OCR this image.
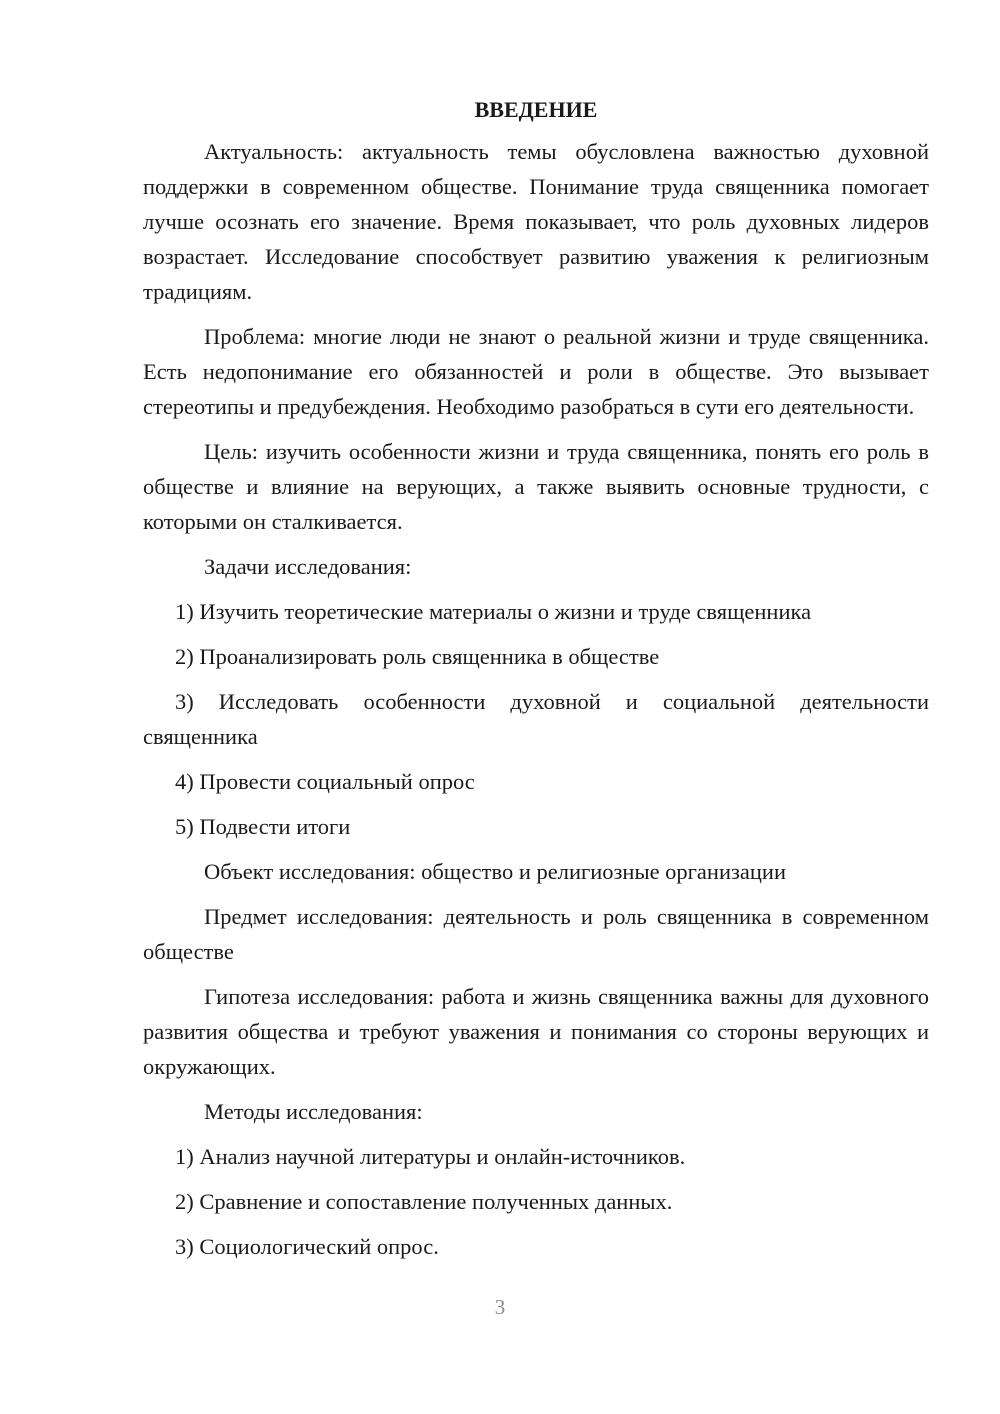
ВВЕДЕНИЕ

Актуальность: актуальность темы обусловлена важностью духовной поддержки в современном обществе. Понимание труда священника помогает лучше осознать его значение. Время показывает, что роль духовных лидеров возрастает. Исследование способствует развитию уважения к религиозным традициям.

Проблема: многие люди не знают о реальной жизни и труде священника. Есть недопонимание его обязанностей и роли в обществе. Это вызывает стереотипы и предубеждения. Необходимо разобраться в сути его деятельности.

Цель: изучить особенности жизни и труда священника, понять его роль в обществе и влияние на верующих, а также выявить основные трудности, с которыми он сталкивается.

Задачи исследования:

1) Изучить теоретические материалы о жизни и труде священника

2) Проанализировать роль священника в обществе

3) Исследовать особенности духовной и социальной деятельности священника

4) Провести социальный опрос

5) Подвести итоги

Объект исследования: общество и религиозные организации

Предмет исследования: деятельность и роль священника в современном обществе

Гипотеза исследования: работа и жизнь священника важны для духовного развития общества и требуют уважения и понимания со стороны верующих и окружающих.

Методы исследования:

1) Анализ научной литературы и онлайн-источников.

2) Сравнение и сопоставление полученных данных.

3) Социологический опрос.

3
